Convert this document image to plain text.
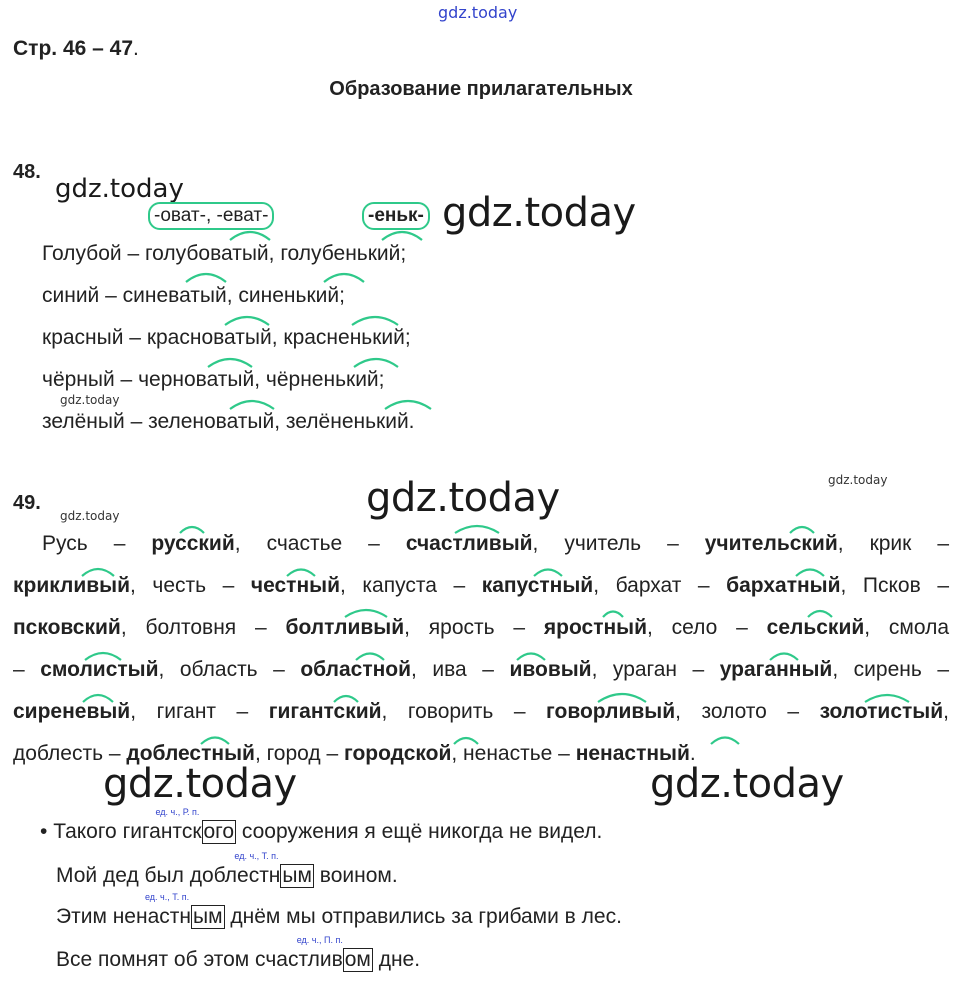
gdz.today
gdz.today
gdz.today
gdz.today
gdz.today	gdz.today
gdz.today
gdz.today	gdz.today
Стр. 46 – 47.
Образование прилагательных
48.
-оват-, -еват-	-еньк-
Голубой – голубоватый, голубенький;
синий – синеватый, синенький;
красный – красноватый, красненький;
чёрный – черноватый, чёрненький;
зелёный – зеленоватый, зелёненький.
49.
Русь – русский, счастье – счастливый, учитель – учительский, крик –
крикливый, честь – честный, капуста – капустный, бархат – бархатный, Псков –
псковский, болтовня – болтливый, ярость – яростный, село – сельский, смола
– смолистый, область – областной, ива – ивовый, ураган – ураганный, сирень –
сиреневый, гигант – гигантский, говорить – говорливый, золото – золотистый,
доблесть – доблестный, город – городской, ненастье – ненастный.
• Такого гигантск
ед. ч., Р. п.
ого сооружения я ещё никогда не видел.
Мой дед был доблестн
ед. ч., Т. п.
ым воином.
Этим ненастн
ед. ч., Т. п.
ым днём мы отправились за грибами в лес.
Все помнят об этом счастлив
ед. ч., П. п.
ом дне.
